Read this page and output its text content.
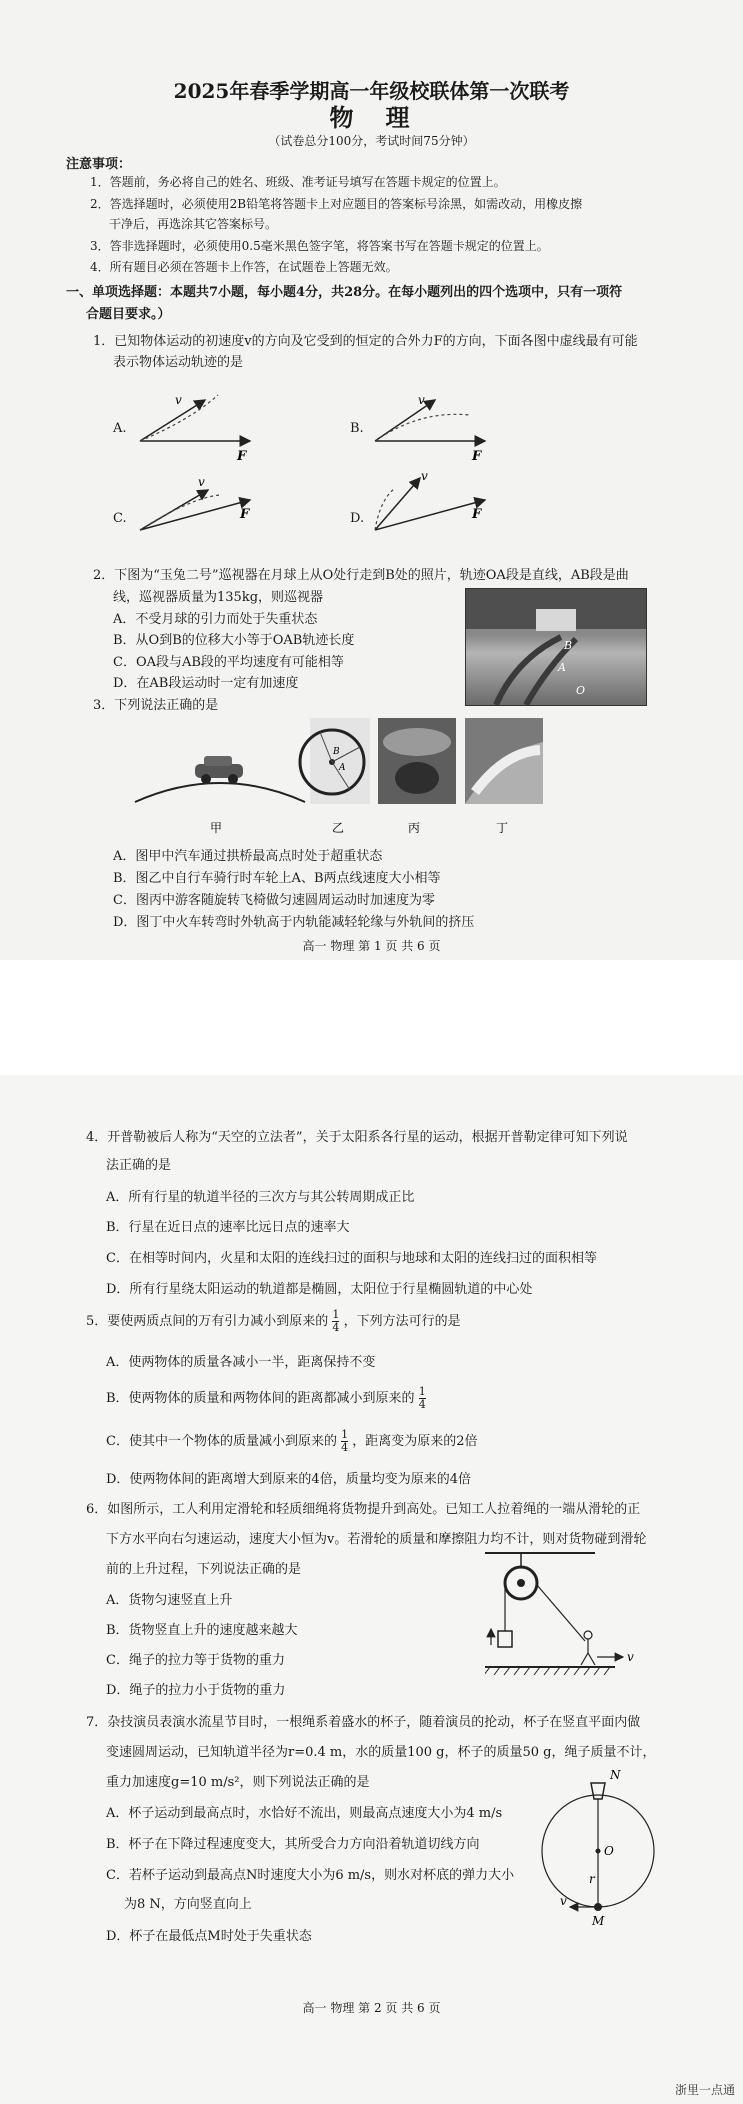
2025年春季学期高一年级校联体第一次联考
物　理
（试卷总分100分，考试时间75分钟）
注意事项：
1．答题前，务必将自己的姓名、班级、准考证号填写在答题卡规定的位置上。
2．答选择题时，必须使用2B铅笔将答题卡上对应题目的答案标号涂黑，如需改动，用橡皮擦
干净后，再选涂其它答案标号。
3．答非选择题时，必须使用0.5毫米黑色签字笔，将答案书写在答题卡规定的位置上。
4．所有题目必须在答题卡上作答，在试题卷上答题无效。
一、单项选择题：本题共7小题，每小题4分，共28分。在每小题列出的四个选项中，只有一项符
合题目要求。）
1．已知物体运动的初速度v的方向及它受到的恒定的合外力F的方向，下面各图中虚线最有可能
表示物体运动轨迹的是
A.	B.
C.	D.
v
F
v
F
v
F
v
F
2．下图为“玉兔二号”巡视器在月球上从O处行走到B处的照片，轨迹OA段是直线，AB段是曲
线，巡视器质量为135kg，则巡视器
A．不受月球的引力而处于失重状态
B．从O到B的位移大小等于OAB轨迹长度
C．OA段与AB段的平均速度有可能相等
D．在AB段运动时一定有加速度
B
A
O
3．下列说法正确的是
甲
B
A
乙	丙	丁
A．图甲中汽车通过拱桥最高点时处于超重状态
B．图乙中自行车骑行时车轮上A、B两点线速度大小相等
C．图丙中游客随旋转飞椅做匀速圆周运动时加速度为零
D．图丁中火车转弯时外轨高于内轨能减轻轮缘与外轨间的挤压
高一 物理 第 1 页 共 6 页
4．开普勒被后人称为“天空的立法者”，关于太阳系各行星的运动，根据开普勒定律可知下列说
法正确的是
A．所有行星的轨道半径的三次方与其公转周期成正比
B．行星在近日点的速率比远日点的速率大
C．在相等时间内，火星和太阳的连线扫过的面积与地球和太阳的连线扫过的面积相等
D．所有行星绕太阳运动的轨道都是椭圆，太阳位于行星椭圆轨道的中心处
5．要使两质点间的万有引力减小到原来的 $\frac{1}{4}$ ，下列方法可行的是
A．使两物体的质量各减小一半，距离保持不变
B．使两物体的质量和两物体间的距离都减小到原来的 $\frac{1}{4}$
C．使其中一个物体的质量减小到原来的 $\frac{1}{4}$ ，距离变为原来的2倍
D．使两物体间的距离增大到原来的4倍，质量均变为原来的4倍
6．如图所示，工人利用定滑轮和轻质细绳将货物提升到高处。已知工人拉着绳的一端从滑轮的正
下方水平向右匀速运动，速度大小恒为v。若滑轮的质量和摩擦阻力均不计，则对货物碰到滑轮
前的上升过程，下列说法正确的是
A．货物匀速竖直上升
B．货物竖直上升的速度越来越大
C．绳子的拉力等于货物的重力
D．绳子的拉力小于货物的重力
v
7．杂技演员表演水流星节目时，一根绳系着盛水的杯子，随着演员的抡动，杯子在竖直平面内做
变速圆周运动，已知轨道半径为r=0.4 m，水的质量100 g，杯子的质量50 g，绳子质量不计，
重力加速度g=10 m/s²，则下列说法正确的是
A．杯子运动到最高点时，水恰好不流出，则最高点速度大小为4 m/s
B．杯子在下降过程速度变大，其所受合力方向沿着轨道切线方向
C．若杯子运动到最高点N时速度大小为6 m/s，则水对杯底的弹力大小
为8 N，方向竖直向上
D．杯子在最低点M时处于失重状态
N
O
r
v
M
高一 物理 第 2 页 共 6 页
浙里一点通
